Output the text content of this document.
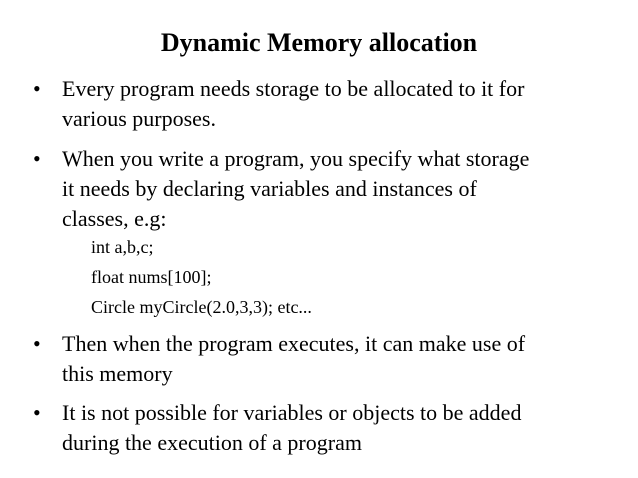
Dynamic Memory allocation
• Every program needs storage to be allocated to it for
various purposes.
• When you write a program, you specify what storage
it needs by declaring variables and instances of
classes, e.g:
int a,b,c;
float nums[100];
Circle myCircle(2.0,3,3); etc...
• Then when the program executes, it can make use of
this memory
• It is not possible for variables or objects to be added
during the execution of a program
